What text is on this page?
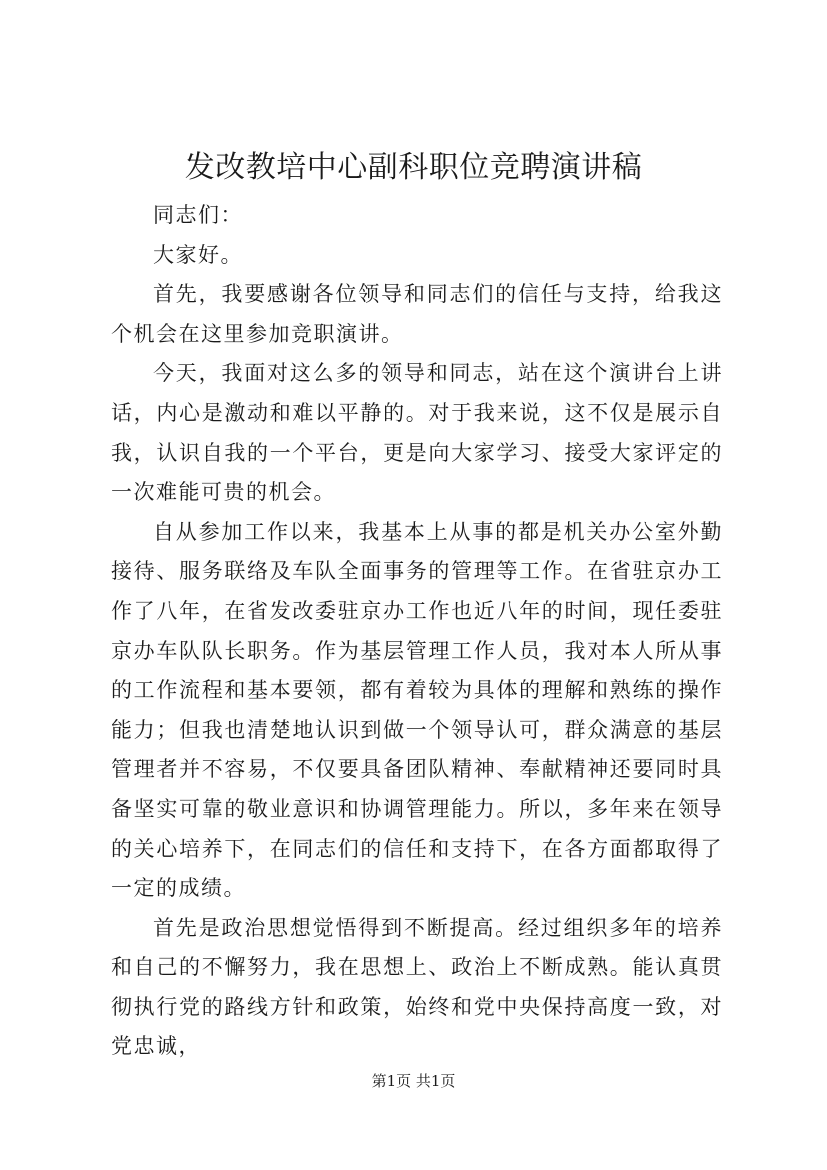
发改教培中心副科职位竞聘演讲稿

同志们：

大家好。

首先，我要感谢各位领导和同志们的信任与支持，给我这个机会在这里参加竞职演讲。

今天，我面对这么多的领导和同志，站在这个演讲台上讲话，内心是激动和难以平静的。对于我来说，这不仅是展示自我，认识自我的一个平台，更是向大家学习、接受大家评定的一次难能可贵的机会。

自从参加工作以来，我基本上从事的都是机关办公室外勤接待、服务联络及车队全面事务的管理等工作。在省驻京办工作了八年，在省发改委驻京办工作也近八年的时间，现任委驻京办车队队长职务。作为基层管理工作人员，我对本人所从事的工作流程和基本要领，都有着较为具体的理解和熟练的操作能力；但我也清楚地认识到做一个领导认可，群众满意的基层管理者并不容易，不仅要具备团队精神、奉献精神还要同时具备坚实可靠的敬业意识和协调管理能力。所以，多年来在领导的关心培养下，在同志们的信任和支持下，在各方面都取得了一定的成绩。

首先是政治思想觉悟得到不断提高。经过组织多年的培养和自己的不懈努力，我在思想上、政治上不断成熟。能认真贯彻执行党的路线方针和政策，始终和党中央保持高度一致，对党忠诚，

第1页 共1页
